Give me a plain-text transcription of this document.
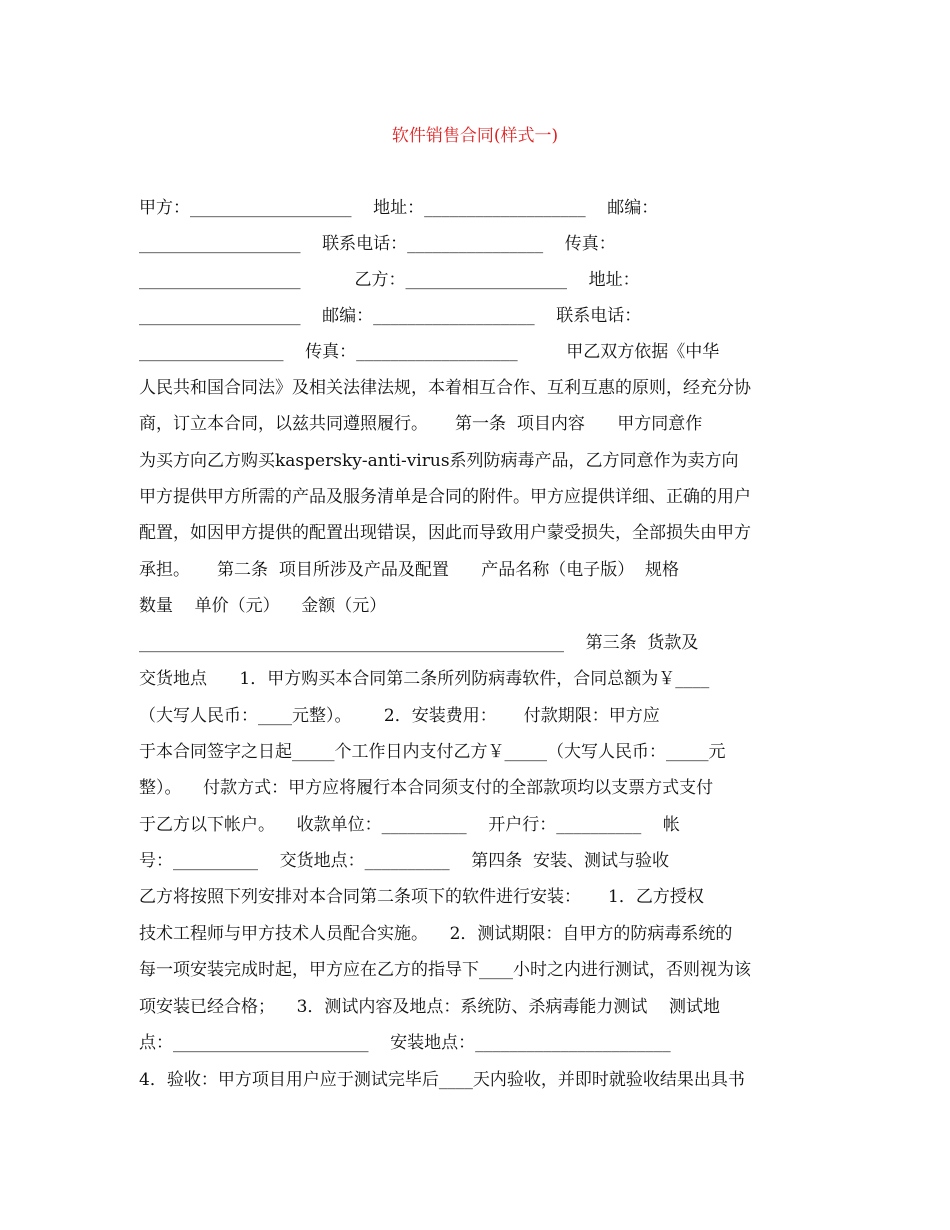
软件销售合同(样式一)
甲方：___________________    地址：___________________    邮编：
___________________    联系电话：________________    传真：
___________________          乙方：___________________    地址：
___________________    邮编：___________________    联系电话：
_________________    传真：___________________         甲乙双方依据《中华
人民共和国合同法》及相关法律法规，本着相互合作、互利互惠的原则，经充分协
商，订立本合同，以兹共同遵照履行。     第一条  项目内容      甲方同意作
为买方向乙方购买kaspersky-anti-virus系列防病毒产品，乙方同意作为卖方向
甲方提供甲方所需的产品及服务清单是合同的附件。甲方应提供详细、正确的用户
配置，如因甲方提供的配置出现错误，因此而导致用户蒙受损失，全部损失由甲方
承担。     第二条  项目所涉及产品及配置      产品名称（电子版）  规格
数量    单价（元）    金额（元）
__________________________________________________    第三条  货款及
交货地点      1．甲方购买本合同第二条所列防病毒软件，合同总额为￥____
（大写人民币：____元整）。      2．安装费用：     付款期限：甲方应
于本合同签字之日起_____个工作日内支付乙方￥_____（大写人民币：_____元
整）。    付款方式：甲方应将履行本合同须支付的全部款项均以支票方式支付
于乙方以下帐户。    收款单位：__________    开户行：__________    帐
号：__________    交货地点：__________    第四条  安装、测试与验收
乙方将按照下列安排对本合同第二条项下的软件进行安装：     1．乙方授权
技术工程师与甲方技术人员配合实施。    2．测试期限：自甲方的防病毒系统的
每一项安装完成时起，甲方应在乙方的指导下____小时之内进行测试，否则视为该
项安装已经合格；    3．测试内容及地点：系统防、杀病毒能力测试    测试地
点：_______________________    安装地点：_______________________
4．验收：甲方项目用户应于测试完毕后____天内验收，并即时就验收结果出具书
